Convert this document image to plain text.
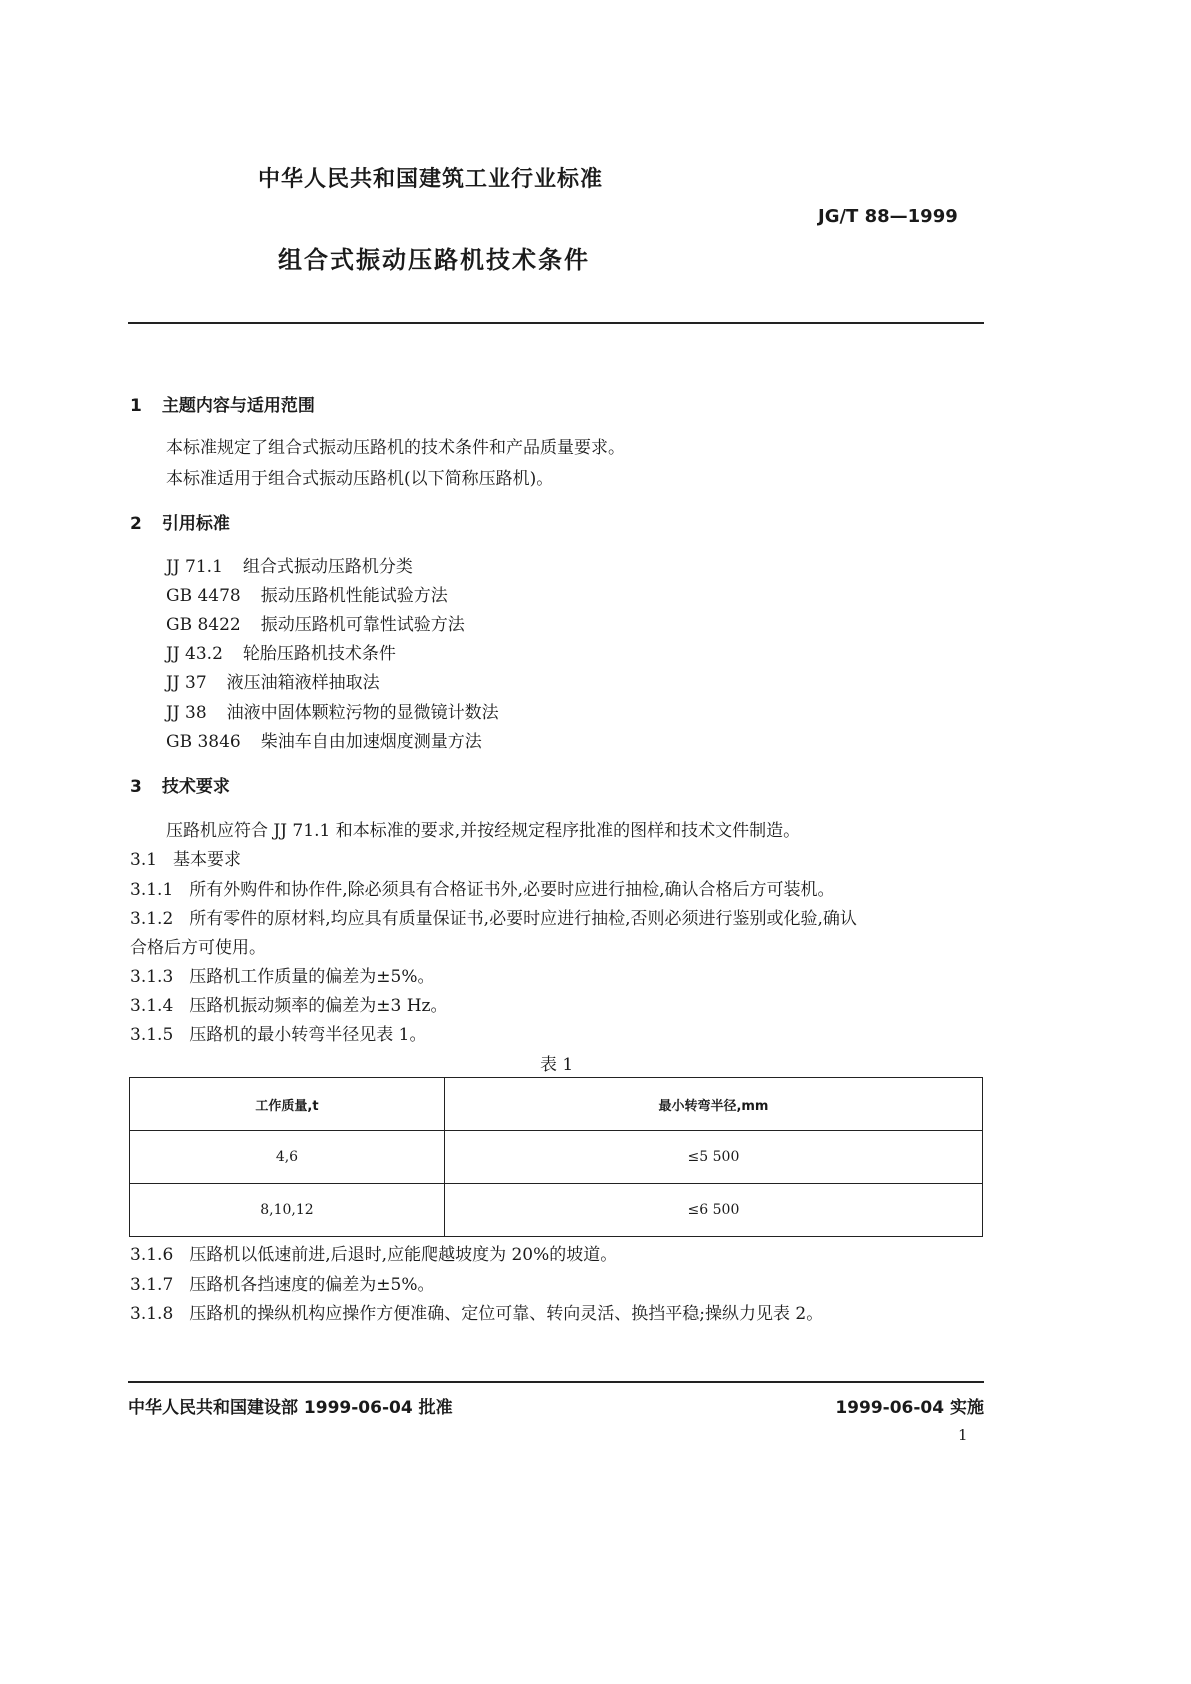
中华人民共和国建筑工业行业标准
JG/T 88—1999
组合式振动压路机技术条件
1 主题内容与适用范围
本标准规定了组合式振动压路机的技术条件和产品质量要求。
本标准适用于组合式振动压路机(以下简称压路机)。
2 引用标准
JJ 71.1 组合式振动压路机分类
GB 4478 振动压路机性能试验方法
GB 8422 振动压路机可靠性试验方法
JJ 43.2 轮胎压路机技术条件
JJ 37 液压油箱液样抽取法
JJ 38 油液中固体颗粒污物的显微镜计数法
GB 3846 柴油车自由加速烟度测量方法
3 技术要求
压路机应符合 JJ 71.1 和本标准的要求,并按经规定程序批准的图样和技术文件制造。
3.1 基本要求
3.1.1 所有外购件和协作件,除必须具有合格证书外,必要时应进行抽检,确认合格后方可装机。
3.1.2 所有零件的原材料,均应具有质量保证书,必要时应进行抽检,否则必须进行鉴别或化验,确认
合格后方可使用。
3.1.3 压路机工作质量的偏差为±5%。
3.1.4 压路机振动频率的偏差为±3 Hz。
3.1.5 压路机的最小转弯半径见表 1。
表 1
工作质量,t	最小转弯半径,mm
4,6	≤5 500
8,10,12	≤6 500
3.1.6 压路机以低速前进,后退时,应能爬越坡度为 20%的坡道。
3.1.7 压路机各挡速度的偏差为±5%。
3.1.8 压路机的操纵机构应操作方便准确、定位可靠、转向灵活、换挡平稳;操纵力见表 2。
中华人民共和国建设部 1999-06-04 批准	1999-06-04 实施
1
